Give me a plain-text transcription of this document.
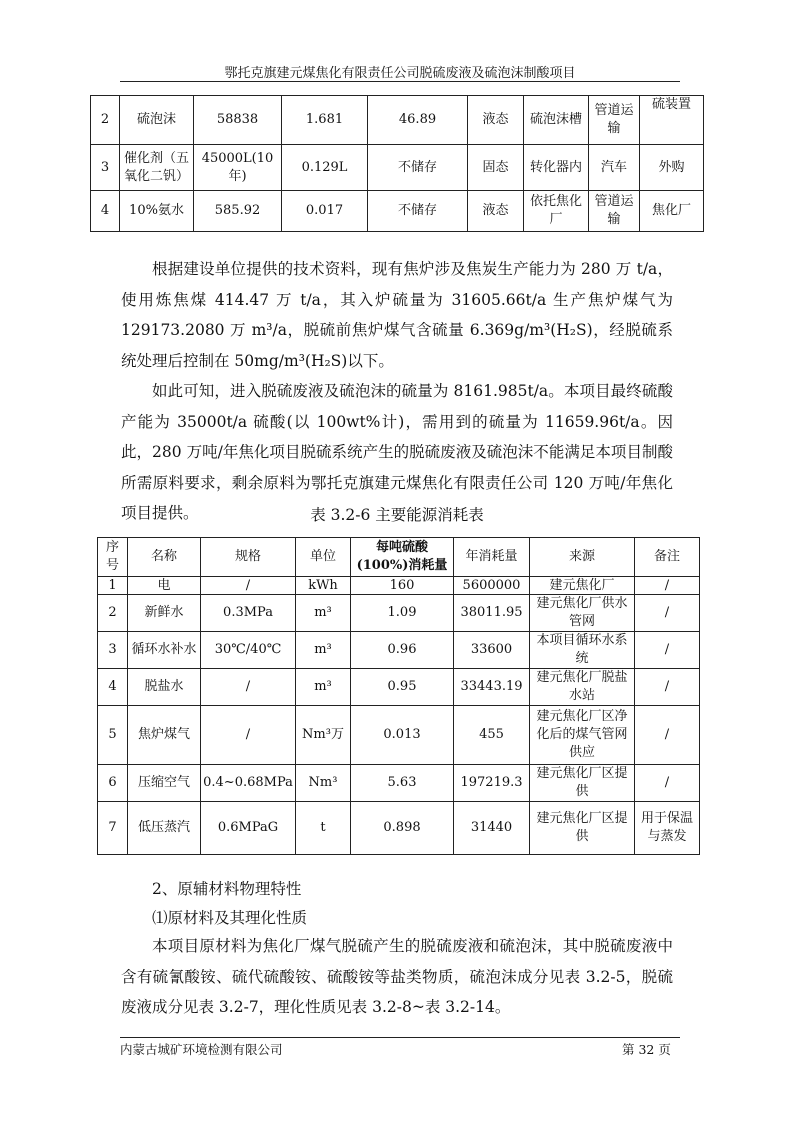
鄂托克旗建元煤焦化有限责任公司脱硫废液及硫泡沫制酸项目
2	硫泡沫	58838	1.681	46.89	液态	硫泡沫槽	管道运输	硫装置
3	催化剂（五氧化二钒）	45000L(10年)	0.129L	不储存	固态	转化器内	汽车	外购
4	10%氨水	585.92	0.017	不储存	液态	依托焦化厂	管道运输	焦化厂

根据建设单位提供的技术资料，现有焦炉涉及焦炭生产能力为 280 万 t/a，使用炼焦煤 414.47 万 t/a，其入炉硫量为 31605.66t/a 生产焦炉煤气为 129173.2080 万 m³/a，脱硫前焦炉煤气含硫量 6.369g/m³(H₂S)，经脱硫系统处理后控制在 50mg/m³(H₂S)以下。

如此可知，进入脱硫废液及硫泡沫的硫量为 8161.985t/a。本项目最终硫酸产能为 35000t/a 硫酸(以 100wt%计)，需用到的硫量为 11659.96t/a。因此，280 万吨/年焦化项目脱硫系统产生的脱硫废液及硫泡沫不能满足本项目制酸所需原料要求，剩余原料为鄂托克旗建元煤焦化有限责任公司 120 万吨/年焦化项目提供。	表 3.2-6 主要能源消耗表
序号	名称	规格	单位	每吨硫酸(100%)消耗量	年消耗量	来源	备注
1	电	/	kWh	160	5600000	建元焦化厂	/
2	新鲜水	0.3MPa	m³	1.09	38011.95	建元焦化厂供水管网	/
3	循环水补水	30℃/40℃	m³	0.96	33600	本项目循环水系统	/
4	脱盐水	/	m³	0.95	33443.19	建元焦化厂脱盐水站	/
5	焦炉煤气	/	Nm³万	0.013	455	建元焦化厂区净化后的煤气管网供应	/
6	压缩空气	0.4~0.68MPa	Nm³	5.63	197219.3	建元焦化厂区提供	/
7	低压蒸汽	0.6MPaG	t	0.898	31440	建元焦化厂区提供	用于保温与蒸发
2、原辅材料物理特性
⑴原材料及其理化性质

本项目原材料为焦化厂煤气脱硫产生的脱硫废液和硫泡沫，其中脱硫废液中含有硫氰酸铵、硫代硫酸铵、硫酸铵等盐类物质，硫泡沫成分见表 3.2-5，脱硫废液成分见表 3.2-7，理化性质见表 3.2-8~表 3.2-14。

内蒙古城矿环境检测有限公司	第 32 页
